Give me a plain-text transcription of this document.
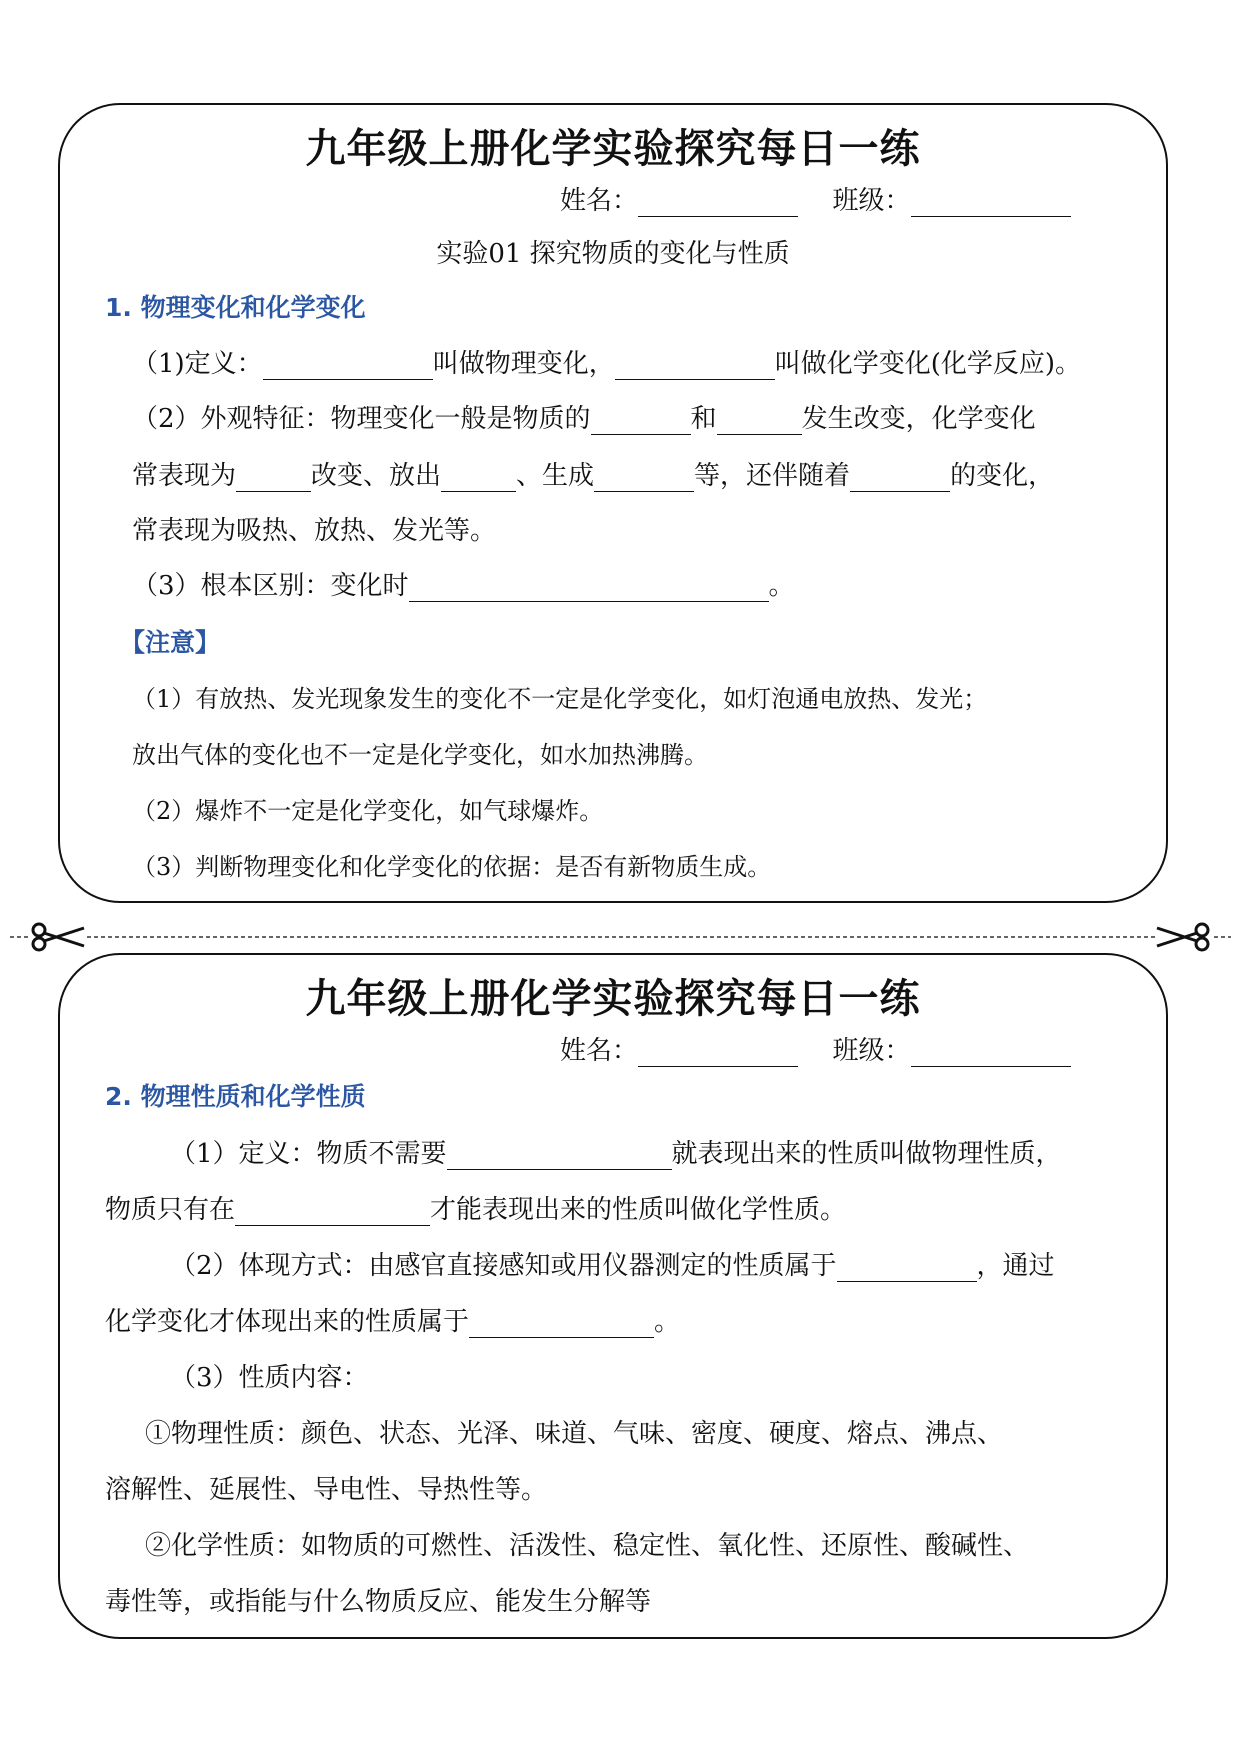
九年级上册化学实验探究每日一练
姓名：	班级：
实验01 探究物质的变化与性质
1. 物理变化和化学变化
（1)定义：	叫做物理变化，	叫做化学变化(化学反应)。
（2）外观特征：物理变化一般是物质的	和	发生改变，化学变化
常表现为	改变、放出	、生成	等，还伴随着	的变化，
常表现为吸热、放热、发光等。
（3）根本区别：变化时	。
【注意】
（1）有放热、发光现象发生的变化不一定是化学变化，如灯泡通电放热、发光；
放出气体的变化也不一定是化学变化，如水加热沸腾。
（2）爆炸不一定是化学变化，如气球爆炸。
（3）判断物理变化和化学变化的依据：是否有新物质生成。
九年级上册化学实验探究每日一练
姓名：	班级：
2. 物理性质和化学性质
（1）定义：物质不需要	就表现出来的性质叫做物理性质，
物质只有在	才能表现出来的性质叫做化学性质。
（2）体现方式：由感官直接感知或用仪器测定的性质属于	，通过
化学变化才体现出来的性质属于	。
（3）性质内容：
①物理性质：颜色、状态、光泽、味道、气味、密度、硬度、熔点、沸点、
溶解性、延展性、导电性、导热性等。
②化学性质：如物质的可燃性、活泼性、稳定性、氧化性、还原性、酸碱性、
毒性等，或指能与什么物质反应、能发生分解等
